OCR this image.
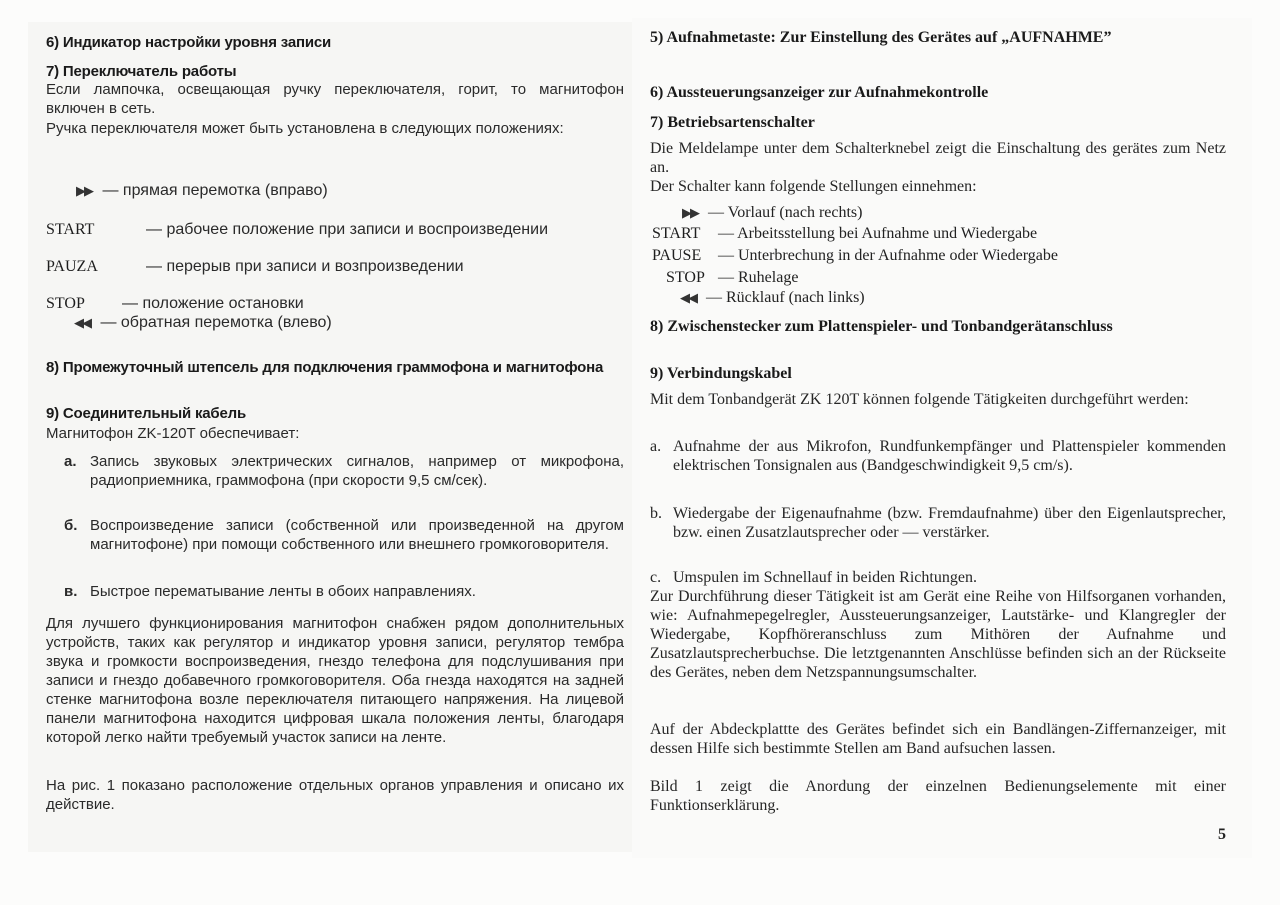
6) Индикатор настройки уровня записи
7) Переключатель работы
Если лампочка, освещающая ручку переключателя, горит, то магнитофон включен в сеть.
Ручка переключателя может быть установлена в следующих положениях:
▶▶ — прямая перемотка (вправо)
START	— рабочее положение при записи и воспроизведении
PAUZA	— перерыв при записи и возпроизведении
STOP — положение остановки
◀◀ — обратная перемотка (влево)
8) Промежуточный штепсель для подключения граммофона и магнитофона
9) Соединительный кабель
Магнитофон ZK-120T обеспечивает:
а. Запись звуковых электрических сигналов, например от микрофона, радиоприемника, граммофона (при скорости 9,5 см/сек).
б. Воспроизведение записи (собственной или произведенной на другом магнитофоне) при помощи собственного или внешнего громкоговорителя.
в. Быстрое перематывание ленты в обоих направлениях.
Для лучшего функционирования магнитофон снабжен рядом дополнительных устройств, таких как регулятор и индикатор уровня записи, регулятор тембра звука и громкости воспроизведения, гнездо телефона для подслушивания при записи и гнездо добавечного громкоговорителя. Оба гнезда находятся на задней стенке магнитофона возле переключателя питающего напряжения. На лицевой панели магнитофона находится цифровая шкала положения ленты, благодаря которой легко найти требуемый участок записи на ленте.
На рис. 1 показано расположение отдельных органов управления и описано их действие.
5) Aufnahmetaste: Zur Einstellung des Gerätes auf „AUFNAHME”
6) Aussteuerungsanzeiger zur Aufnahmekontrolle
7) Betriebsartenschalter
Die Meldelampe unter dem Schalterknebel zeigt die Einschaltung des gerätes zum Netz an.
Der Schalter kann folgende Stellungen einnehmen:
▶▶ — Vorlauf (nach rechts)
START — Arbeitsstellung bei Aufnahme und Wiedergabe
PAUSE — Unterbrechung in der Aufnahme oder Wiedergabe
STOP — Ruhelage
◀◀ — Rücklauf (nach links)
8) Zwischenstecker zum Plattenspieler- und Tonbandgerätanschluss
9) Verbindungskabel
Mit dem Tonbandgerät ZK 120T können folgende Tätigkeiten durchgeführt werden:
a. Aufnahme der aus Mikrofon, Rundfunkempfänger und Plattenspieler kommenden elektrischen Tonsignalen aus (Bandgeschwindigkeit 9,5 cm/s).
b. Wiedergabe der Eigenaufnahme (bzw. Fremdaufnahme) über den Eigenlautsprecher, bzw. einen Zusatzlautsprecher oder — verstärker.
c. Umspulen im Schnellauf in beiden Richtungen.
Zur Durchführung dieser Tätigkeit ist am Gerät eine Reihe von Hilfsorganen vorhanden, wie: Aufnahmepegelregler, Aussteuerungsanzeiger, Lautstärke- und Klangregler der Wiedergabe, Kopfhöreranschluss zum Mithören der Aufnahme und Zusatzlautsprecherbuchse. Die letztgenannten Anschlüsse befinden sich an der Rückseite des Gerätes, neben dem Netzspannungsumschalter.
Auf der Abdeckplattte des Gerätes befindet sich ein Bandlängen-Ziffernanzeiger, mit dessen Hilfe sich bestimmte Stellen am Band aufsuchen lassen.
Bild 1 zeigt die Anordung der einzelnen Bedienungselemente mit einer Funktionserklärung.
5
